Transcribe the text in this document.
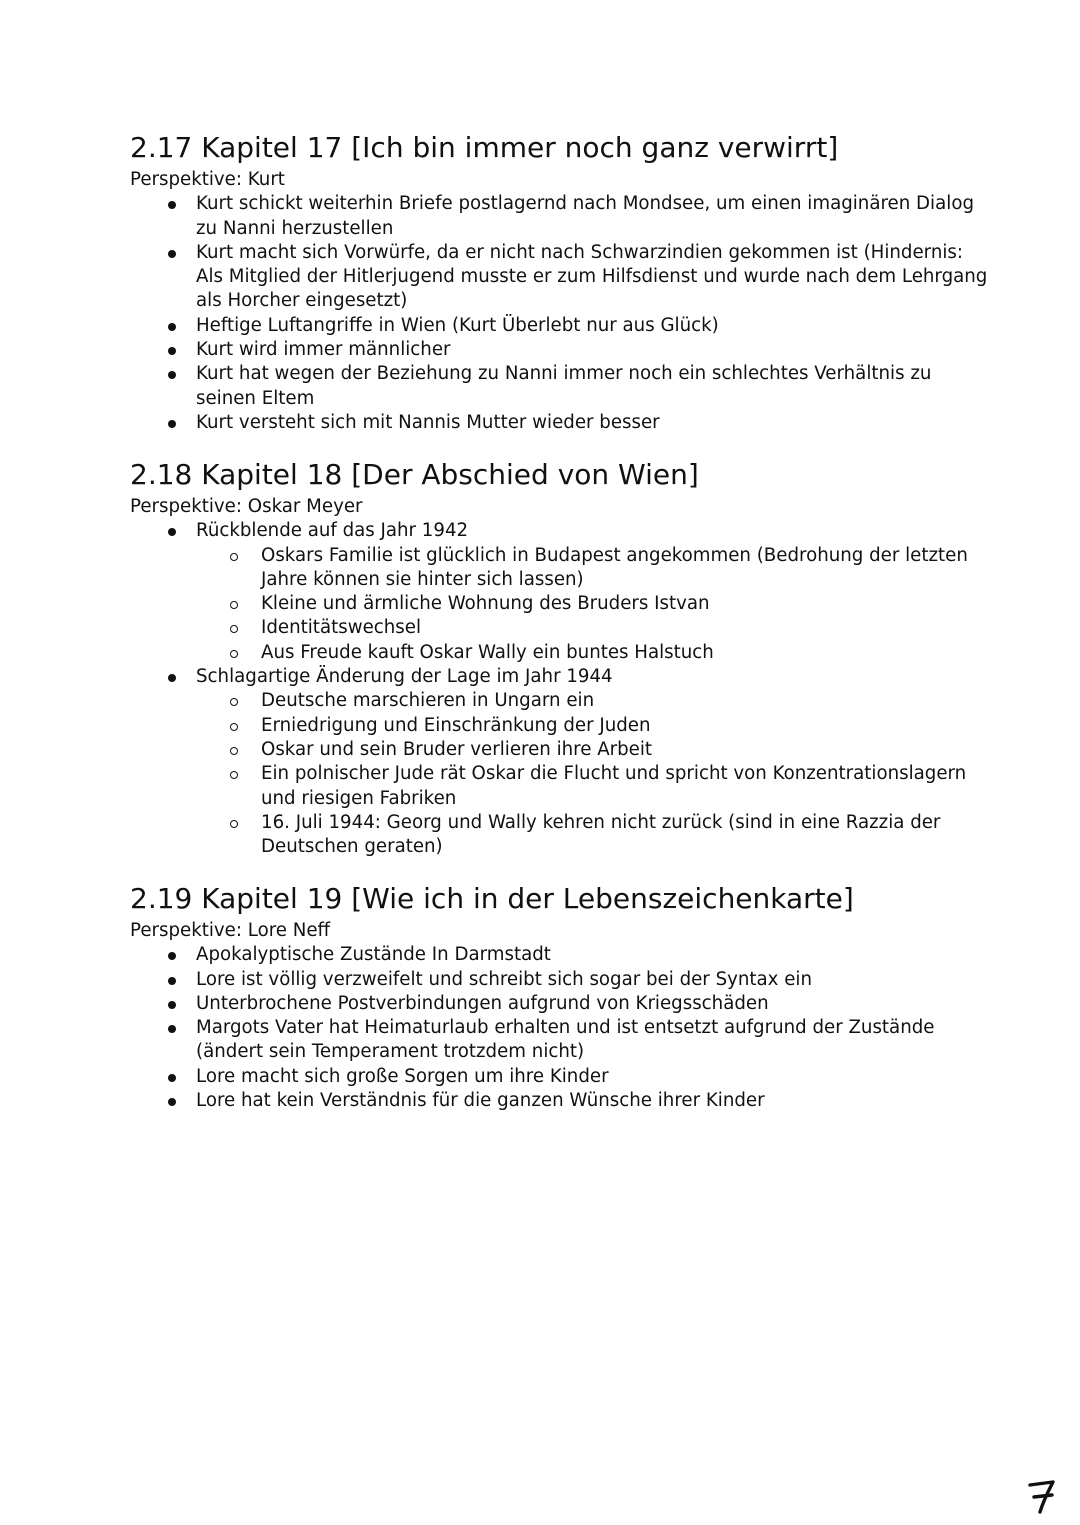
2.17 Kapitel 17 [Ich bin immer noch ganz verwirrt]
Perspektive: Kurt
Kurt schickt weiterhin Briefe postlagernd nach Mondsee, um einen imaginären Dialog zu Nanni herzustellen
Kurt macht sich Vorwürfe, da er nicht nach Schwarzindien gekommen ist (Hindernis: Als Mitglied der Hitlerjugend musste er zum Hilfsdienst und wurde nach dem Lehrgang als Horcher eingesetzt)
Heftige Luftangriffe in Wien (Kurt Überlebt nur aus Glück)
Kurt wird immer männlicher
Kurt hat wegen der Beziehung zu Nanni immer noch ein schlechtes Verhältnis zu seinen Eltem
Kurt versteht sich mit Nannis Mutter wieder besser
2.18 Kapitel 18 [Der Abschied von Wien]
Perspektive: Oskar Meyer
Rückblende auf das Jahr 1942
Oskars Familie ist glücklich in Budapest angekommen (Bedrohung der letzten Jahre können sie hinter sich lassen)
Kleine und ärmliche Wohnung des Bruders Istvan
Identitätswechsel
Aus Freude kauft Oskar Wally ein buntes Halstuch
Schlagartige Änderung der Lage im Jahr 1944
Deutsche marschieren in Ungarn ein
Erniedrigung und Einschränkung der Juden
Oskar und sein Bruder verlieren ihre Arbeit
Ein polnischer Jude rät Oskar die Flucht und spricht von Konzentrationslagern und riesigen Fabriken
16. Juli 1944: Georg und Wally kehren nicht zurück (sind in eine Razzia der Deutschen geraten)
2.19 Kapitel 19 [Wie ich in der Lebenszeichenkarte]
Perspektive: Lore Neff
Apokalyptische Zustände In Darmstadt
Lore ist völlig verzweifelt und schreibt sich sogar bei der Syntax ein
Unterbrochene Postverbindungen aufgrund von Kriegsschäden
Margots Vater hat Heimaturlaub erhalten und ist entsetzt aufgrund der Zustände (ändert sein Temperament trotzdem nicht)
Lore macht sich große Sorgen um ihre Kinder
Lore hat kein Verständnis für die ganzen Wünsche ihrer Kinder
